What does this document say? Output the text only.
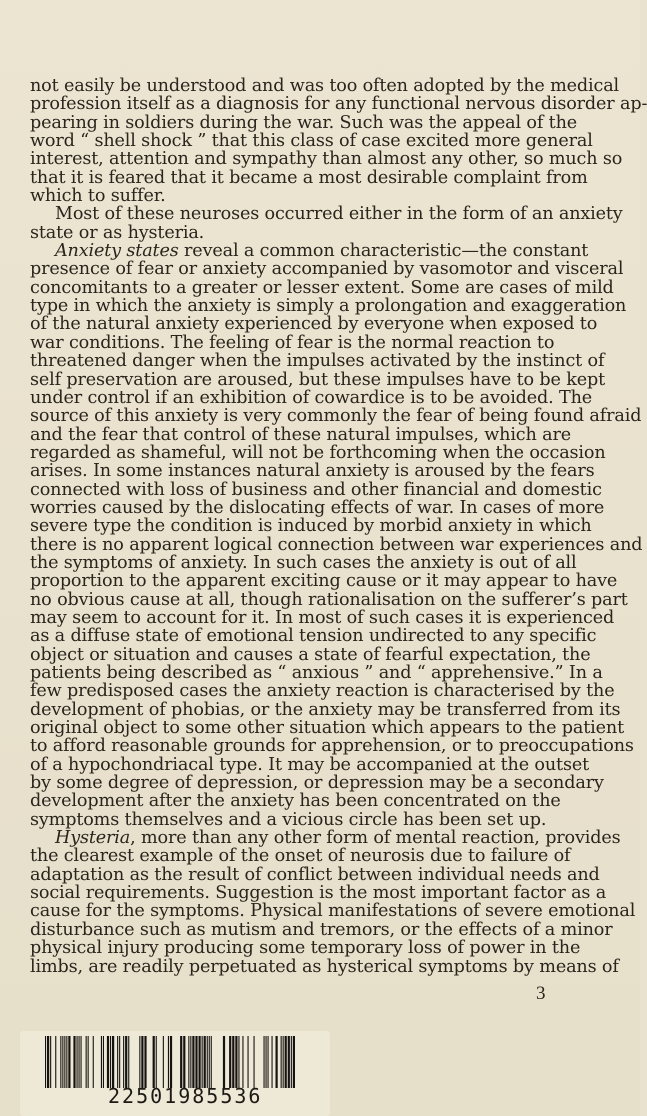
not easily be understood and was too often adopted by the medical
profession itself as a diagnosis for any functional nervous disorder ap-
pearing in soldiers during the war. Such was the appeal of the
word “ shell shock ” that this class of case excited more general
interest, attention and sympathy than almost any other, so much so
that it is feared that it became a most desirable complaint from
which to suffer.
Most of these neuroses occurred either in the form of an anxiety
state or as hysteria.
Anxiety states reveal a common characteristic—the constant
presence of fear or anxiety accompanied by vasomotor and visceral
concomitants to a greater or lesser extent. Some are cases of mild
type in which the anxiety is simply a prolongation and exaggeration
of the natural anxiety experienced by everyone when exposed to
war conditions. The feeling of fear is the normal reaction to
threatened danger when the impulses activated by the instinct of
self preservation are aroused, but these impulses have to be kept
under control if an exhibition of cowardice is to be avoided. The
source of this anxiety is very commonly the fear of being found afraid
and the fear that control of these natural impulses, which are
regarded as shameful, will not be forthcoming when the occasion
arises. In some instances natural anxiety is aroused by the fears
connected with loss of business and other financial and domestic
worries caused by the dislocating effects of war. In cases of more
severe type the condition is induced by morbid anxiety in which
there is no apparent logical connection between war experiences and
the symptoms of anxiety. In such cases the anxiety is out of all
proportion to the apparent exciting cause or it may appear to have
no obvious cause at all, though rationalisation on the sufferer’s part
may seem to account for it. In most of such cases it is experienced
as a diffuse state of emotional tension undirected to any specific
object or situation and causes a state of fearful expectation, the
patients being described as “ anxious ” and “ apprehensive.” In a
few predisposed cases the anxiety reaction is characterised by the
development of phobias, or the anxiety may be transferred from its
original object to some other situation which appears to the patient
to afford reasonable grounds for apprehension, or to preoccupations
of a hypochondriacal type. It may be accompanied at the outset
by some degree of depression, or depression may be a secondary
development after the anxiety has been concentrated on the
symptoms themselves and a vicious circle has been set up.
Hysteria, more than any other form of mental reaction, provides
the clearest example of the onset of neurosis due to failure of
adaptation as the result of conflict between individual needs and
social requirements. Suggestion is the most important factor as a
cause for the symptoms. Physical manifestations of severe emotional
disturbance such as mutism and tremors, or the effects of a minor
physical injury producing some temporary loss of power in the
limbs, are readily perpetuated as hysterical symptoms by means of
3
22501985536
